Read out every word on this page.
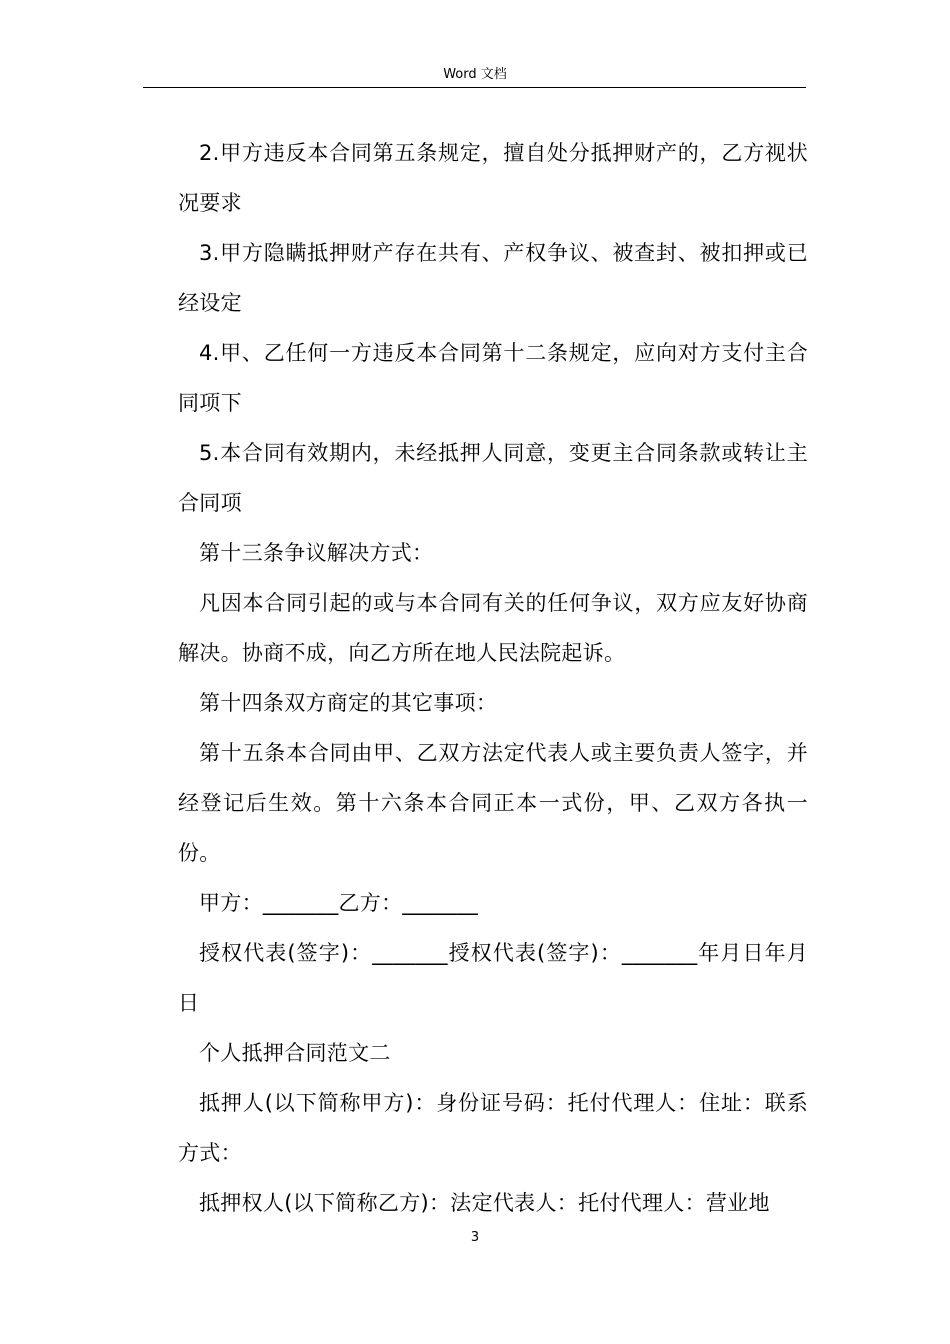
Word 文档

2.甲方违反本合同第五条规定，擅自处分抵押财产的，乙方视状况要求

3.甲方隐瞒抵押财产存在共有、产权争议、被查封、被扣押或已经设定

4.甲、乙任何一方违反本合同第十二条规定，应向对方支付主合同项下

5.本合同有效期内，未经抵押人同意，变更主合同条款或转让主合同项

第十三条争议解决方式：

凡因本合同引起的或与本合同有关的任何争议，双方应友好协商解决。协商不成，向乙方所在地人民法院起诉。

第十四条双方商定的其它事项：

第十五条本合同由甲、乙双方法定代表人或主要负责人签字，并经登记后生效。第十六条本合同正本一式份，甲、乙双方各执一份。

甲方：_______乙方：_______

授权代表(签字)：_______授权代表(签字)：_______年月日年月日

个人抵押合同范文二

抵押人(以下简称甲方)：身份证号码：托付代理人：住址：联系方式：

抵押权人(以下简称乙方)：法定代表人：托付代理人：营业地

3
